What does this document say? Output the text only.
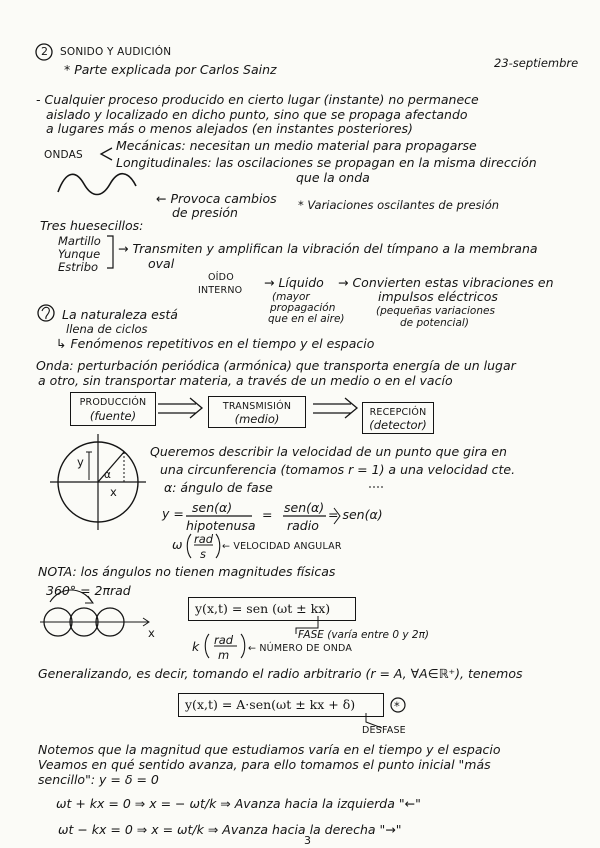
2 SONIDO Y AUDICIÓN
* Parte explicada por Carlos Sainz	23-septiembre
- Cualquier proceso producido en cierto lugar (instante) no permanece
aislado y localizado en dicho punto, sino que se propaga afectando
a lugares más o menos alejados (en instantes posteriores)
ONDAS
Mecánicas: necesitan un medio material para propagarse
Longitudinales: las oscilaciones se propagan en la misma dirección
que la onda
← Provoca cambios
de presión	* Variaciones oscilantes de presión
Tres huesecillos:
Martillo
Yunque
Estribo
→ Transmiten y amplifican la vibración del tímpano a la membrana
oval
OÍDO
INTERNO
→ Líquido
(mayor
propagación
que en el aire)
→ Convierten estas vibraciones en
impulsos eléctricos
(pequeñas variaciones
de potencial)
La naturaleza está
llena de ciclos
↳ Fenómenos repetitivos en el tiempo y el espacio
Onda: perturbación periódica (armónica) que transporta energía de un lugar
a otro, sin transportar materia, a través de un medio o en el vacío
PRODUCCIÓN
(fuente)
TRANSMISIÓN
(medio)	RECEPCIÓN
(detector)
y
x
α
Queremos describir la velocidad de un punto que gira en
una circunferencia (tomamos r = 1) a una velocidad cte.
α: ángulo de fase
y = sen(α)
hipotenusa
= sen(α)
radio
= sen(α)
ω rad
s
← VELOCIDAD ANGULAR
NOTA: los ángulos no tienen magnitudes físicas
360° = 2πrad
x
y(x,t) = sen (ωt ± kx)
FASE (varía entre 0 y 2π)
k rad
m ← NÚMERO DE ONDA
Generalizando, es decir, tomando el radio arbitrario (r = A, ∀A∈ℝ⁺), tenemos
y(x,t) = A·sen(ωt ± kx + δ)	*
DESFASE
Notemos que la magnitud que estudiamos varía en el tiempo y el espacio
Veamos en qué sentido avanza, para ello tomamos el punto inicial "más
sencillo": y = δ = 0
ωt + kx = 0 ⇒ x = − ωt/k ⇒ Avanza hacia la izquierda "←"
ωt − kx = 0 ⇒ x = ωt/k ⇒ Avanza hacia la derecha "→"
3
